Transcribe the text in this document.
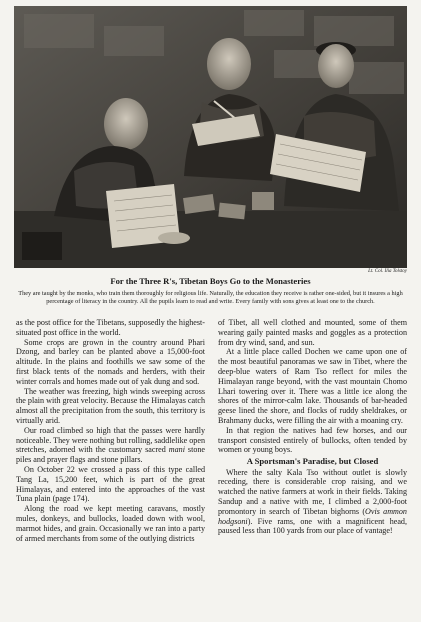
Lt. Col. Ilia Tolstoy
For the Three R's, Tibetan Boys Go to the Monasteries
They are taught by the monks, who train them thoroughly for religious life. Naturally, the education they receive is rather one-sided, but it insures a high percentage of literacy in the country. All the pupils learn to read and write. Every family with sons gives at least one to the church.

as the post office for the Tibetans, supposedly the highest-situated post office in the world.

Some crops are grown in the country around Phari Dzong, and barley can be planted above a 15,000-foot altitude. In the plains and foothills we saw some of the first black tents of the nomads and herders, with their winter corrals and homes made out of yak dung and sod.

The weather was freezing, high winds sweeping across the plain with great velocity. Because the Himalayas catch almost all the precipitation from the south, this territory is virtually arid.

Our road climbed so high that the passes were hardly noticeable. They were nothing but rolling, saddlelike open stretches, adorned with the customary sacred mani stone piles and prayer flags and stone pillars.

On October 22 we crossed a pass of this type called Tang La, 15,200 feet, which is part of the great Himalayas, and entered into the approaches of the vast Tuna plain (page 174).

Along the road we kept meeting caravans, mostly mules, donkeys, and bullocks, loaded down with wool, marmot hides, and grain. Occasionally we ran into a party of armed merchants from some of the outlying districts

of Tibet, all well clothed and mounted, some of them wearing gaily painted masks and goggles as a protection from dry wind, sand, and sun.

At a little place called Dochen we came upon one of the most beautiful panoramas we saw in Tibet, where the deep-blue waters of Ram Tso reflect for miles the Himalayan range beyond, with the vast mountain Chomo Lhari towering over it. There was a little ice along the shores of the mirror-calm lake. Thousands of bar-headed geese lined the shore, and flocks of ruddy sheldrakes, or Brahmany ducks, were filling the air with a moaning cry.

In that region the natives had few horses, and our transport consisted entirely of bullocks, often tended by women or young boys.

A Sportsman's Paradise, but Closed

Where the salty Kala Tso without outlet is slowly receding, there is considerable crop raising, and we watched the native farmers at work in their fields. Taking Sandup and a native with me, I climbed a 2,000-foot promontory in search of Tibetan bighorns (Ovis ammon hodgsoni). Five rams, one with a magnificent head, paused less than 100 yards from our place of vantage!
